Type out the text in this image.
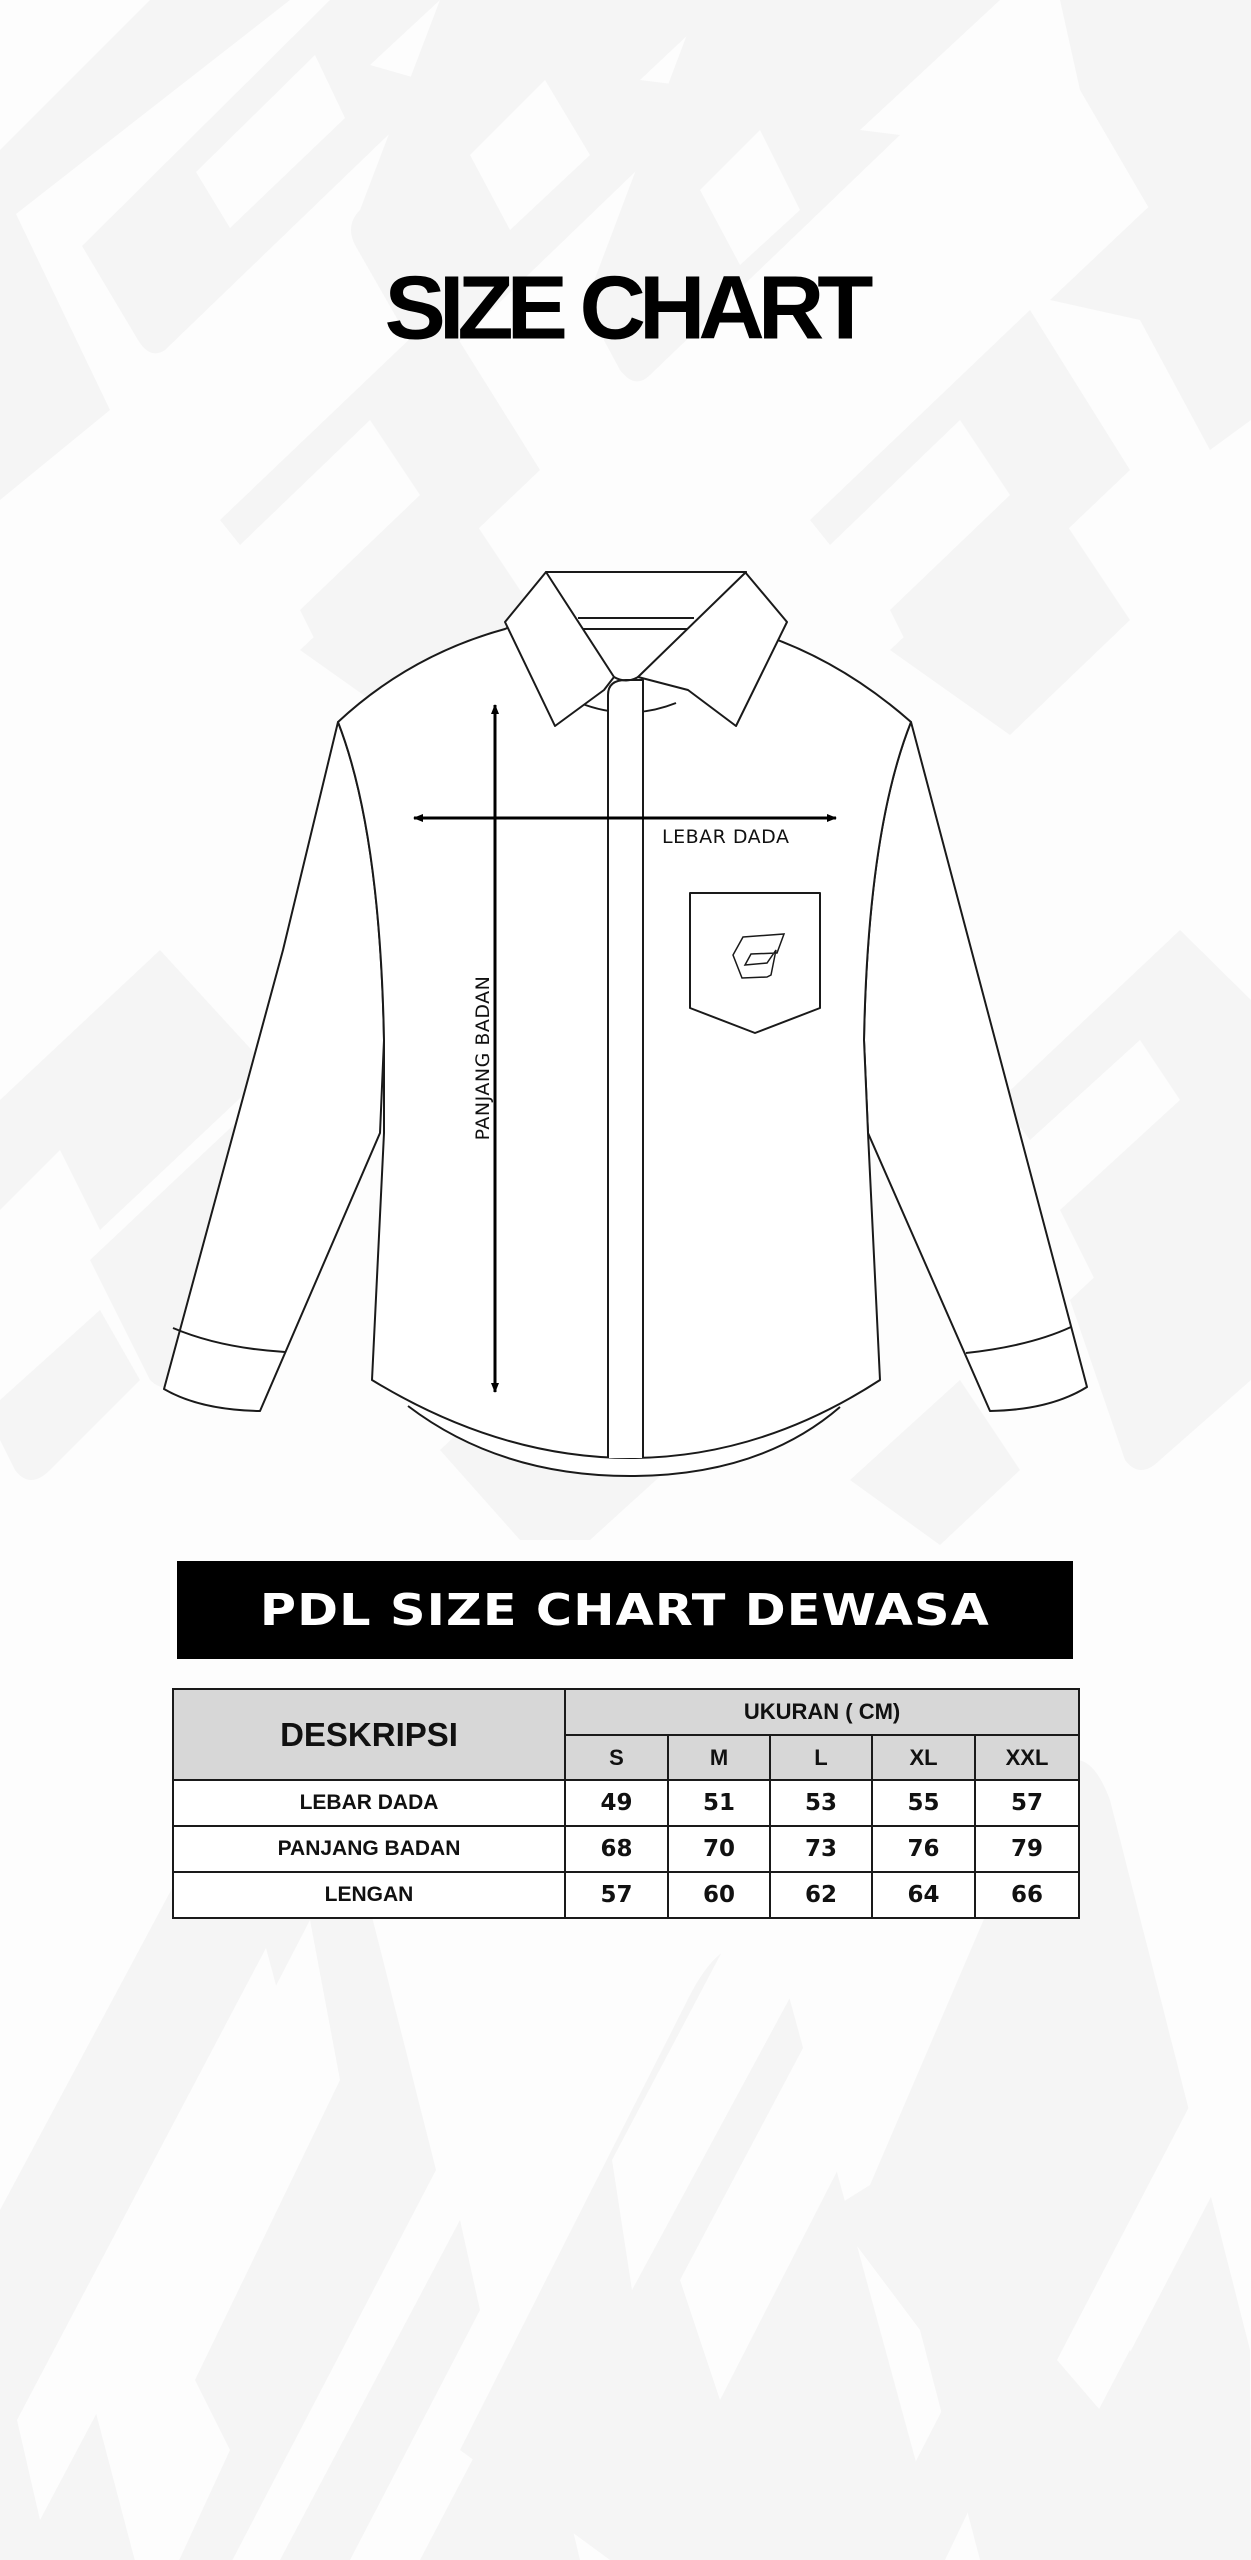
SIZE CHART
LEBAR DADA
PANJANG BADAN
PDL SIZE CHART DEWASA
DESKRIPSI	UKURAN ( CM)				
	S	M	L	XL	XXL
LEBAR DADA	49	51	53	55	57
PANJANG BADAN	68	70	73	76	79
LENGAN	57	60	62	64	66
